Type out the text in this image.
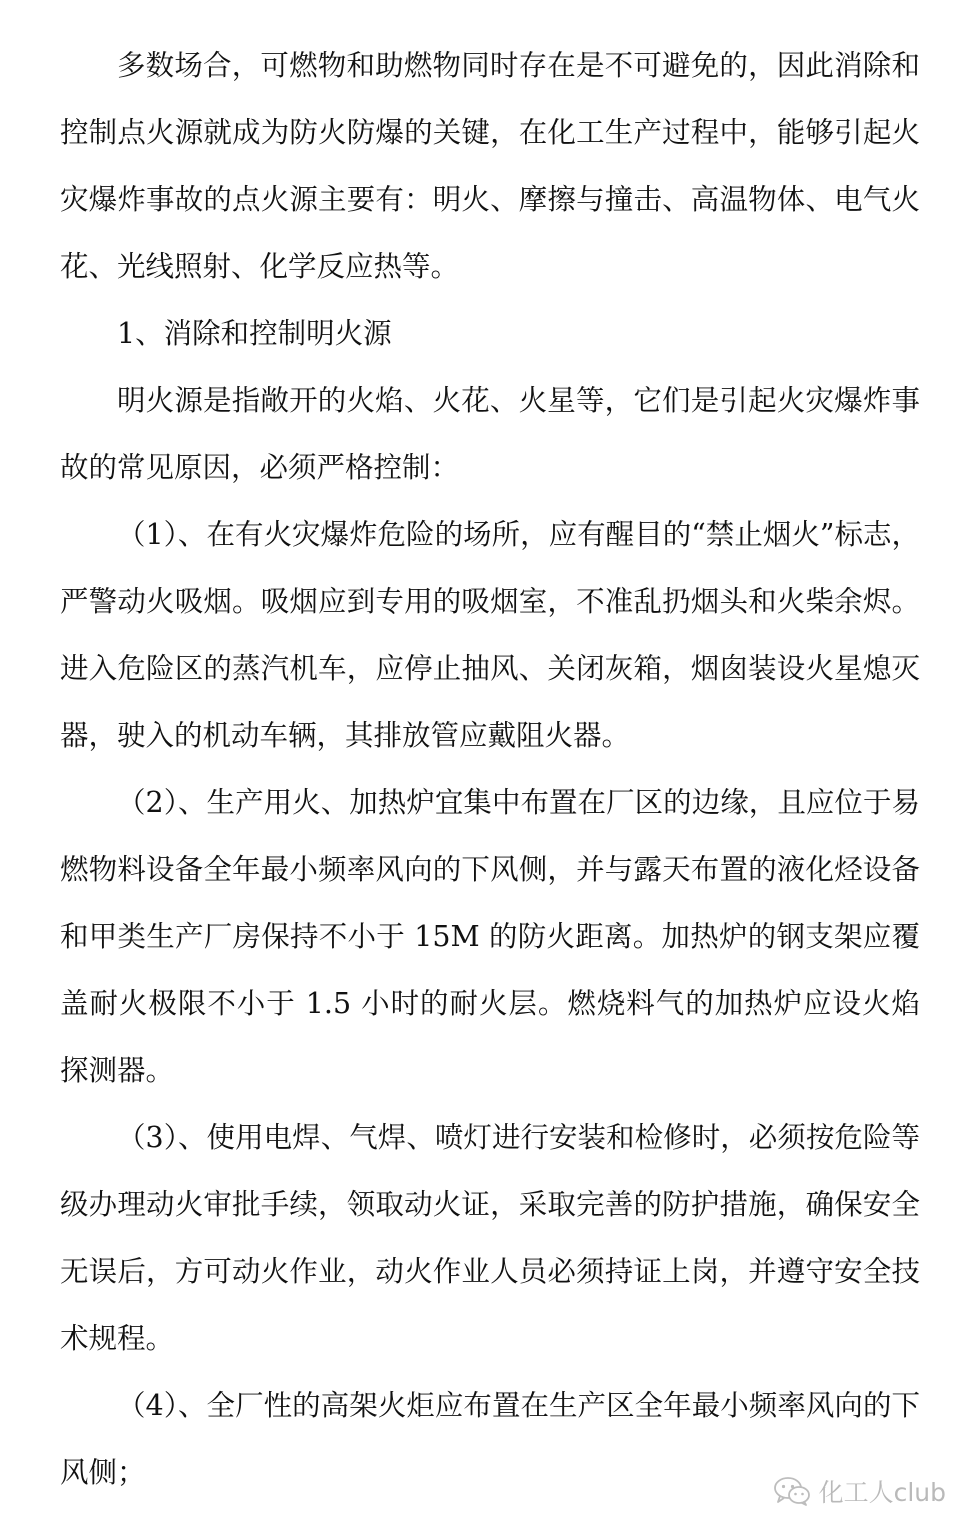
多数场合，可燃物和助燃物同时存在是不可避免的，因此消除和控制点火源就成为防火防爆的关键，在化工生产过程中，能够引起火灾爆炸事故的点火源主要有：明火、摩擦与撞击、高温物体、电气火花、光线照射、化学反应热等。

1、消除和控制明火源

明火源是指敞开的火焰、火花、火星等，它们是引起火灾爆炸事故的常见原因，必须严格控制：

（1）、在有火灾爆炸危险的场所，应有醒目的“禁止烟火”标志，严警动火吸烟。吸烟应到专用的吸烟室，不准乱扔烟头和火柴余烬。进入危险区的蒸汽机车，应停止抽风、关闭灰箱，烟囱装设火星熄灭器，驶入的机动车辆，其排放管应戴阻火器。

（2）、生产用火、加热炉宜集中布置在厂区的边缘，且应位于易燃物料设备全年最小频率风向的下风侧，并与露天布置的液化烃设备和甲类生产厂房保持不小于 15M 的防火距离。加热炉的钢支架应覆盖耐火极限不小于 1.5 小时的耐火层。燃烧料气的加热炉应设火焰探测器。

（3）、使用电焊、气焊、喷灯进行安装和检修时，必须按危险等级办理动火审批手续，领取动火证，采取完善的防护措施，确保安全无误后，方可动火作业，动火作业人员必须持证上岗，并遵守安全技术规程。

（4）、全厂性的高架火炬应布置在生产区全年最小频率风向的下风侧；

化工人club
